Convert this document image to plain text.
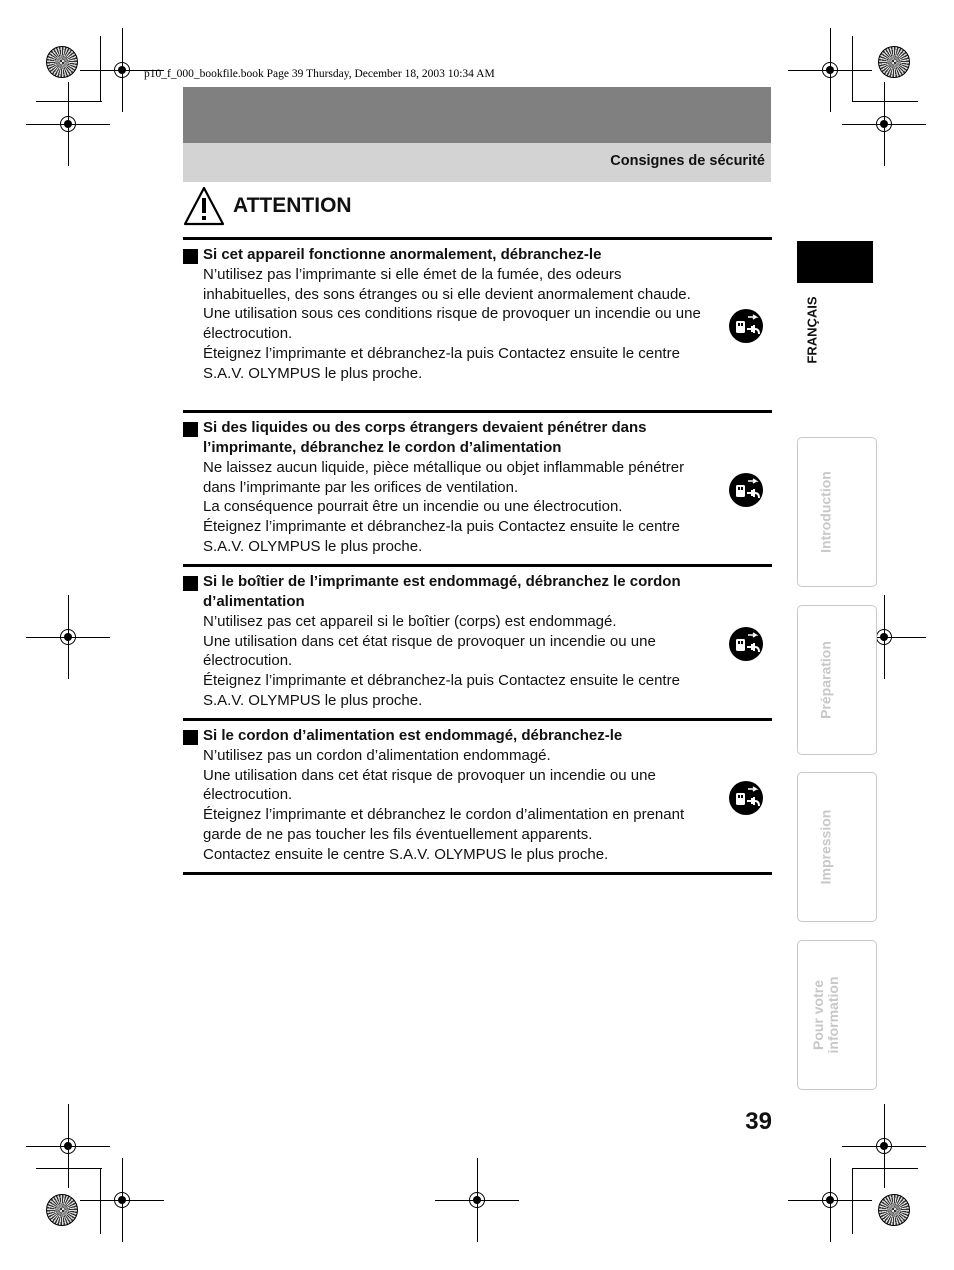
p10_f_000_bookfile.book Page 39 Thursday, December 18, 2003 10:34 AM
Consignes de sécurité
ATTENTION
Si cet appareil fonctionne anormalement, débranchez-le
N’utilisez pas l’imprimante si elle émet de la fumée, des odeurs inhabituelles, des sons étranges ou si elle devient anormalement chaude.
Une utilisation sous ces conditions risque de provoquer un incendie ou une électrocution.
Éteignez l’imprimante et débranchez-la puis Contactez ensuite le centre S.A.V. OLYMPUS le plus proche.
Si des liquides ou des corps étrangers devaient pénétrer dans l’imprimante, débranchez le cordon d’alimentation
Ne laissez aucun liquide, pièce métallique ou objet inflammable pénétrer dans l’imprimante par les orifices de ventilation.
La conséquence pourrait être un incendie ou une électrocution.
Éteignez l’imprimante et débranchez-la puis Contactez ensuite le centre S.A.V. OLYMPUS le plus proche.
Si le boîtier de l’imprimante est endommagé, débranchez le cordon d’alimentation
N’utilisez pas cet appareil si le boîtier (corps) est endommagé.
Une utilisation dans cet état risque de provoquer un incendie ou une électrocution.
Éteignez l’imprimante et débranchez-la puis Contactez ensuite le centre S.A.V. OLYMPUS le plus proche.
Si le cordon d’alimentation est endommagé, débranchez-le
N’utilisez pas un cordon d’alimentation endommagé.
Une utilisation dans cet état risque de provoquer un incendie ou une électrocution.
Éteignez l’imprimante et débranchez le cordon d’alimentation en prenant garde de ne pas toucher les fils éventuellement apparents.
Contactez ensuite le centre S.A.V. OLYMPUS le plus proche.
FRANÇAIS
Introduction
Préparation
Impression
Pour votre
information
39
